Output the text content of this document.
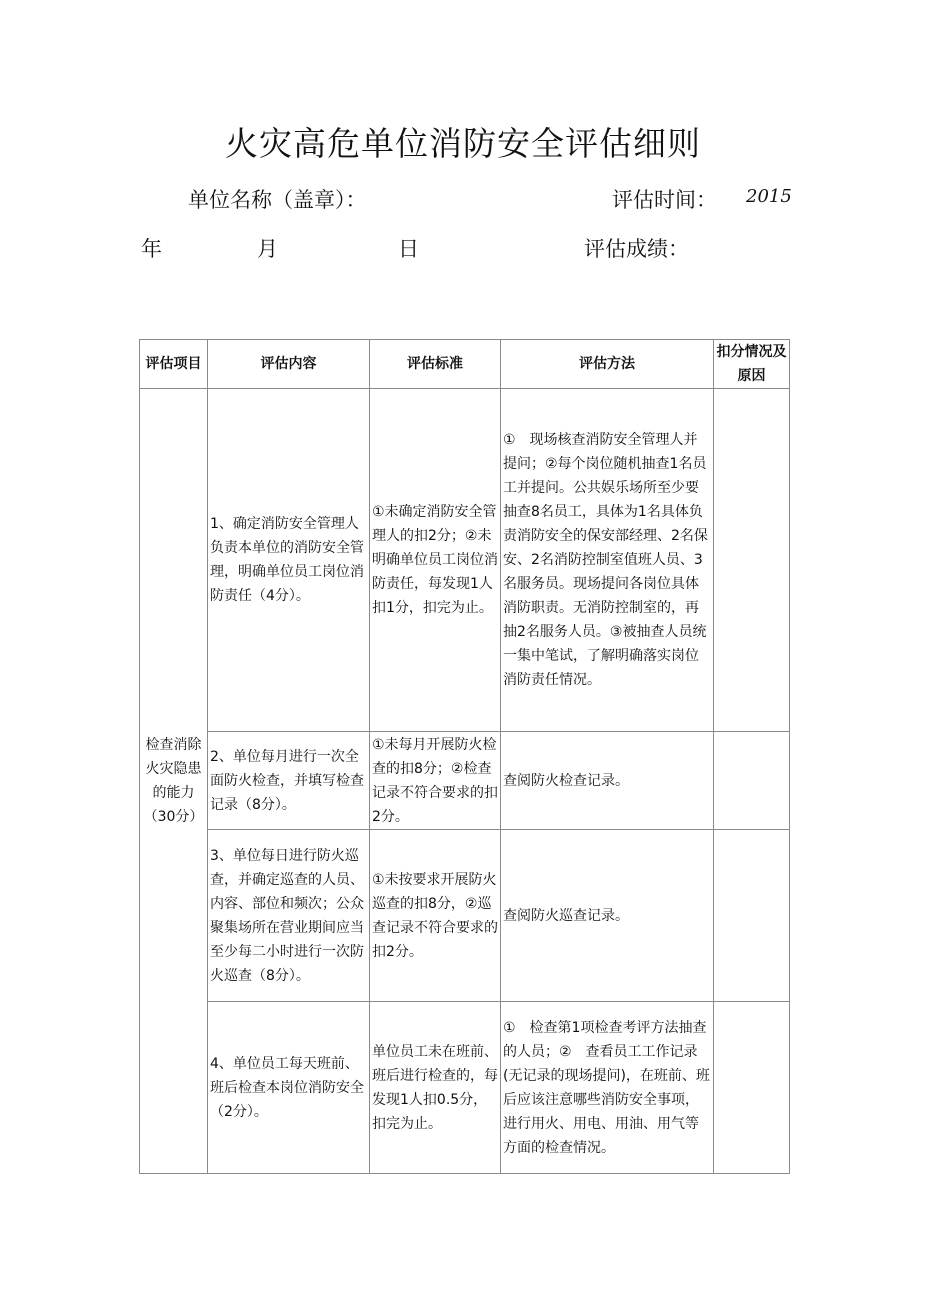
火灾高危单位消防安全评估细则
单位名称（盖章）：	评估时间： 2015
年	月	日	评估成绩：
评估项目	评估内容	评估标准	评估方法	扣分情况及原因
检查消除火灾隐患的能力（30分）	1、确定消防安全管理人负责本单位的消防安全管理，明确单位员工岗位消防责任（4分）。	①未确定消防安全管理人的扣2分；②未明确单位员工岗位消防责任，每发现1人扣1分，扣完为止。	①　现场核查消防安全管理人并提问；②每个岗位随机抽查1名员工并提问。公共娱乐场所至少要抽查8名员工，具体为1名具体负责消防安全的保安部经理、2名保安、2名消防控制室值班人员、3名服务员。现场提问各岗位具体消防职责。无消防控制室的，再抽2名服务人员。③被抽查人员统一集中笔试，了解明确落实岗位消防责任情况。	
	2、单位每月进行一次全面防火检查，并填写检查记录（8分）。	①未每月开展防火检查的扣8分；②检查记录不符合要求的扣2分。	查阅防火检查记录。	
	3、单位每日进行防火巡查，并确定巡查的人员、内容、部位和频次；公众聚集场所在营业期间应当至少每二小时进行一次防火巡查（8分）。	①未按要求开展防火巡查的扣8分，②巡查记录不符合要求的扣2分。	查阅防火巡查记录。	
	4、单位员工每天班前、班后检查本岗位消防安全（2分）。	单位员工未在班前、班后进行检查的，每发现1人扣0.5分，扣完为止。	①　检查第1项检查考评方法抽查的人员；②　查看员工工作记录(无记录的现场提问)，在班前、班后应该注意哪些消防安全事项，进行用火、用电、用油、用气等方面的检查情况。	
